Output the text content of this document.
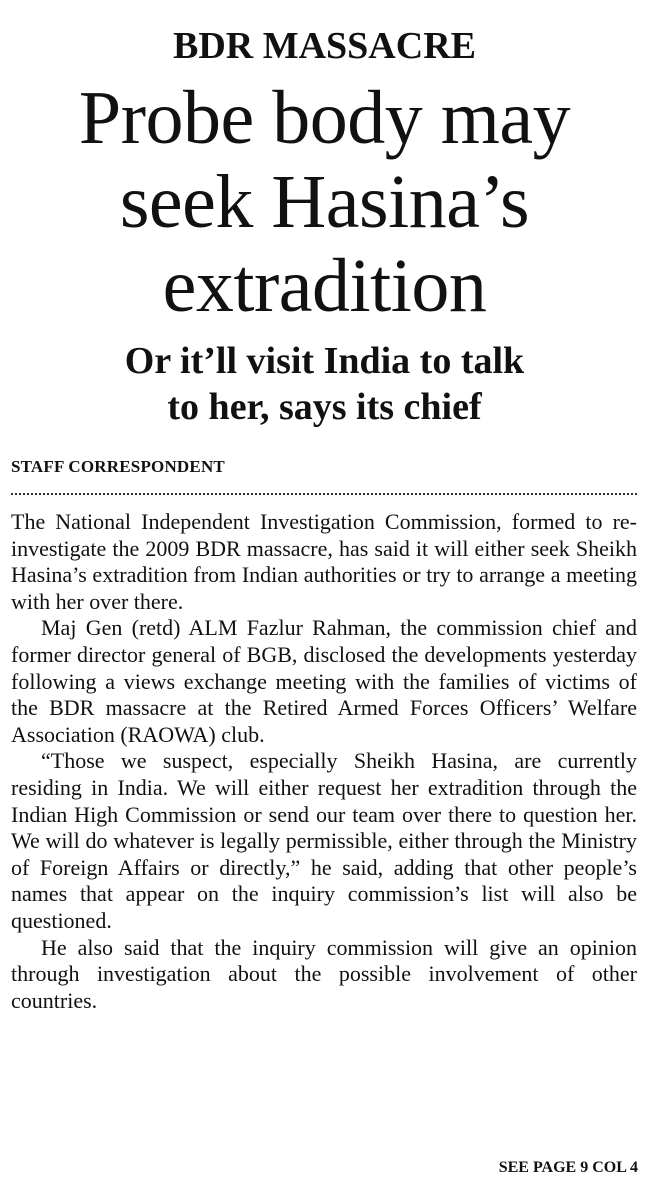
BDR MASSACRE
Probe body may
seek Hasina’s
extradition
Or it’ll visit India to talk
to her, says its chief
STAFF CORRESPONDENT

The National Independent Investigation Commission, formed to re-investigate the 2009 BDR massacre, has said it will either seek Sheikh Hasina’s extradition from Indian authorities or try to arrange a meeting with her over there.

Maj Gen (retd) ALM Fazlur Rahman, the commission chief and former director general of BGB, disclosed the developments yesterday following a views exchange meeting with the families of victims of the BDR massacre at the Retired Armed Forces Officers’ Welfare Association (RAOWA) club.

“Those we suspect, especially Sheikh Hasina, are currently residing in India. We will either request her extradition through the Indian High Commission or send our team over there to question her. We will do whatever is legally permissible, either through the Ministry of Foreign Affairs or directly,” he said, adding that other people’s names that appear on the inquiry commission’s list will also be questioned.

He also said that the inquiry commission will give an opinion through investigation about the possible involvement of other countries.

SEE PAGE 9 COL 4
